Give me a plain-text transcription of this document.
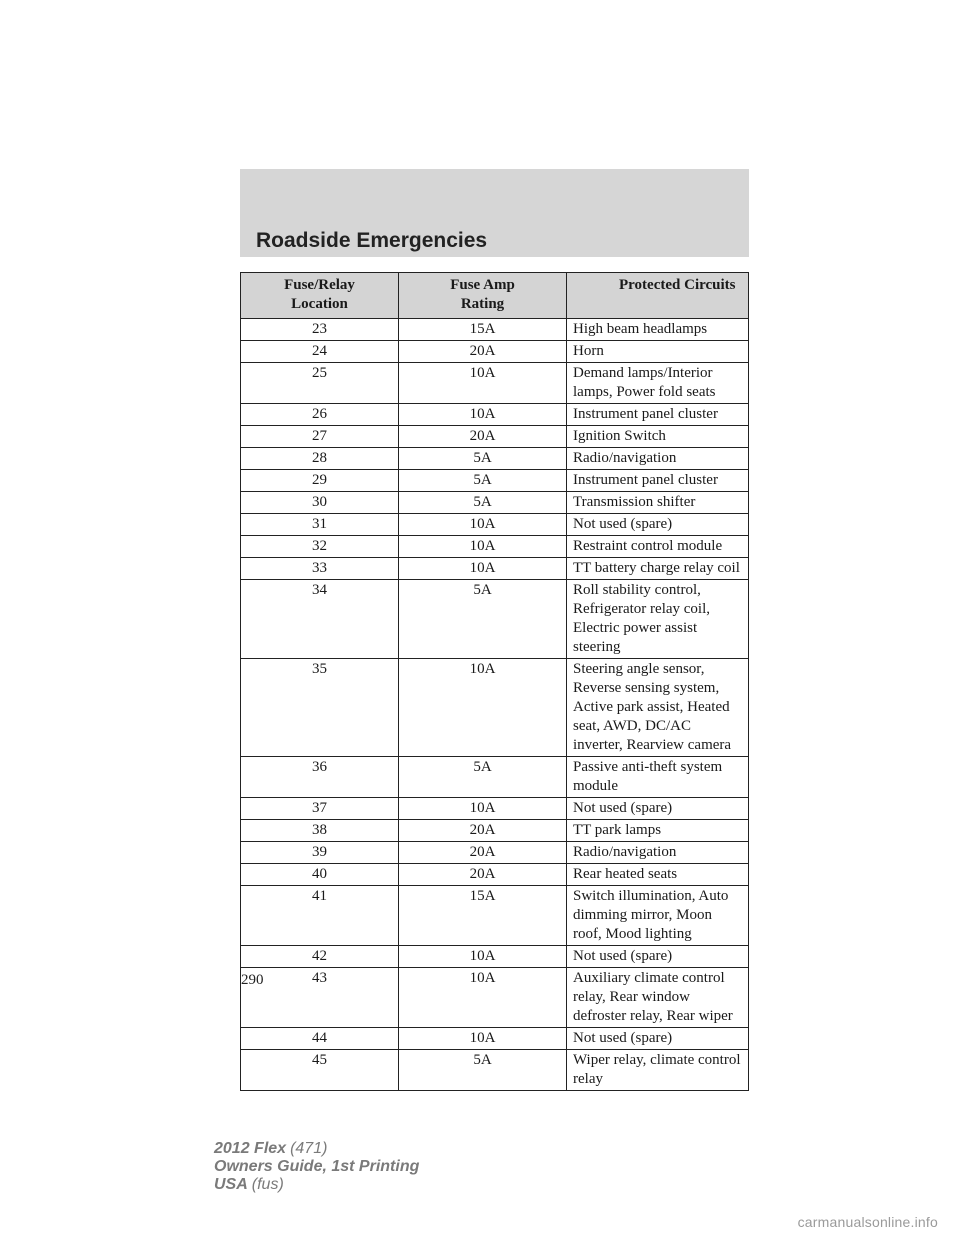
Roadside Emergencies
Fuse/Relay Location	Fuse Amp Rating	Protected Circuits
23	15A	High beam headlamps
24	20A	Horn
25	10A	Demand lamps/Interior lamps, Power fold seats
26	10A	Instrument panel cluster
27	20A	Ignition Switch
28	5A	Radio/navigation
29	5A	Instrument panel cluster
30	5A	Transmission shifter
31	10A	Not used (spare)
32	10A	Restraint control module
33	10A	TT battery charge relay coil
34	5A	Roll stability control, Refrigerator relay coil, Electric power assist steering
35	10A	Steering angle sensor, Reverse sensing system, Active park assist, Heated seat, AWD, DC/AC inverter, Rearview camera
36	5A	Passive anti-theft system module
37	10A	Not used (spare)
38	20A	TT park lamps
39	20A	Radio/navigation
40	20A	Rear heated seats
41	15A	Switch illumination, Auto dimming mirror, Moon roof, Mood lighting
42	10A	Not used (spare)
43	10A	Auxiliary climate control relay, Rear window defroster relay, Rear wiper
44	10A	Not used (spare)
45	5A	Wiper relay, climate control relay
290
2012 Flex (471)
Owners Guide, 1st Printing
USA (fus)
carmanualsonline.info
